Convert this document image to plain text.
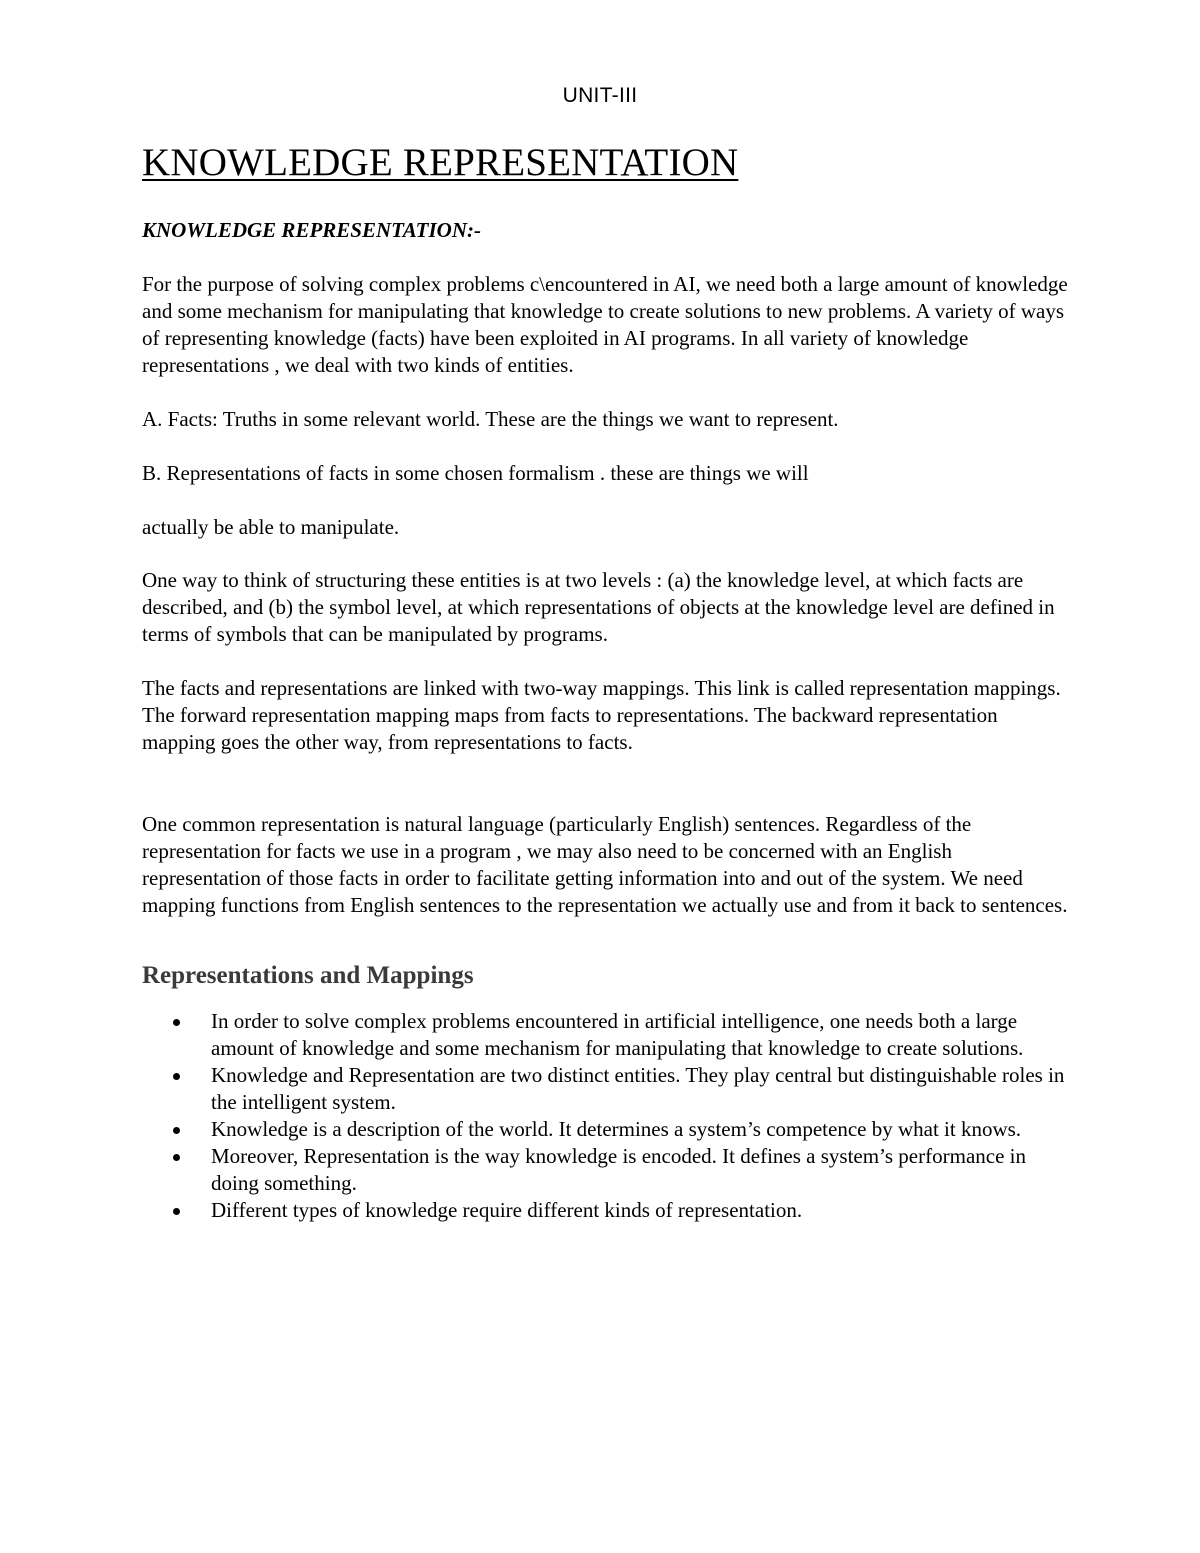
UNIT-III
KNOWLEDGE REPRESENTATION
KNOWLEDGE REPRESENTATION:-

For the purpose of solving complex problems c\encountered in AI, we need both a large amount of knowledge and some mechanism for manipulating that knowledge to create solutions to new problems. A variety of ways of representing knowledge (facts) have been exploited in AI programs. In all variety of knowledge representations , we deal with two kinds of entities.

A. Facts: Truths in some relevant world. These are the things we want to represent.

B. Representations of facts in some chosen formalism . these are things we will

actually be able to manipulate.

One way to think of structuring these entities is at two levels : (a) the knowledge level, at which facts are described, and (b) the symbol level, at which representations of objects at the knowledge level are defined in terms of symbols that can be manipulated by programs.

The facts and representations are linked with two-way mappings. This link is called representation mappings. The forward representation mapping maps from facts to representations. The backward representation mapping goes the other way, from representations to facts.

One common representation is natural language (particularly English) sentences. Regardless of the representation for facts we use in a program , we may also need to be concerned with an English representation of those facts in order to facilitate getting information into and out of the system. We need mapping functions from English sentences to the representation we actually use and from it back to sentences.

Representations and Mappings
In order to solve complex problems encountered in artificial intelligence, one needs both a large amount of knowledge and some mechanism for manipulating that knowledge to create solutions.
Knowledge and Representation are two distinct entities. They play central but distinguishable roles in the intelligent system.
Knowledge is a description of the world. It determines a system’s competence by what it knows.
Moreover, Representation is the way knowledge is encoded. It defines a system’s performance in doing something.
Different types of knowledge require different kinds of representation.
